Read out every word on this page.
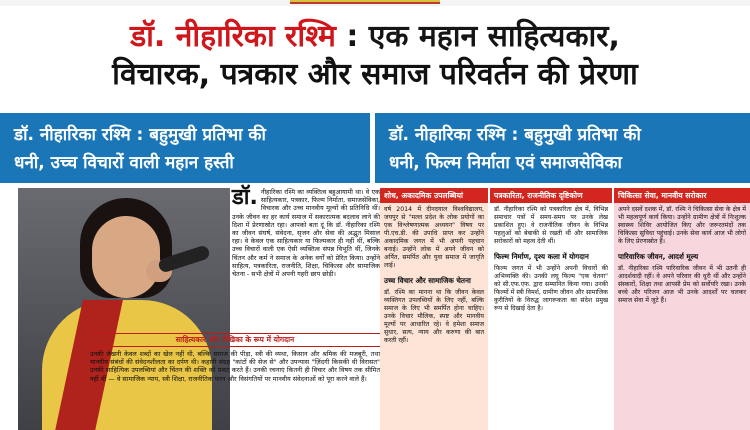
डॉ. नीहारिका रश्मि : एक महान साहित्यकार,
विचारक, पत्रकार और समाज परिवर्तन की प्रेरणा
डॉ. नीहारिका रश्मि : बहुमुखी प्रतिभा की
धनी, उच्च विचारों वाली महान हस्ती
डॉ. नीहारिका रश्मि : बहुमुखी प्रतिभा की
धनी, फिल्म निर्माता एवं समाजसेविका
डॉ. नीहारिका रश्मि का व्यक्तित्व बहुआयामी था। वे एक साहित्यकार, पत्रकार, फिल्म निर्माता, समाजसेविका, विचारक और उच्च मानवीय मूल्यों की प्रतिनिधि थीं। उनके जीवन का हर कार्य समाज में सकारात्मक बदलाव लाने की दिशा में प्रेरणास्रोत रहा। आपको बता दूं कि डॉ. नीहारिका रश्मि का जीवन संघर्ष, संवेदना, सृजन और सेवा की अद्भुत मिसाल रहा। वे केवल एक साहित्यकार या फिल्मकार ही नहीं थीं, बल्कि उच्च विचारों वाली एक ऐसी व्यक्तित्व संपन्न विभूति थीं, जिनके चिंतन और कर्म ने समाज के अनेक वर्गों को प्रेरित किया। उन्होंने साहित्य, पत्रकारिता, राजनीति, शिक्षा, चिकित्सा और सामाजिक चेतना - सभी क्षेत्रों में अपनी गहरी छाप छोड़ी।
साहित्यकार और लेखिका के रूप में योगदान
उनकी लेखनी केवल शब्दों का खेल नहीं थी, बल्कि समाज की पीड़ा, स्त्री की व्यथा, किसान और श्रमिक की मजबूरी, तथा मानवीय संबंधों की संवेदनशीलता का दर्पण थी। कहानी संग्रह "कांटों की सेज से" और उपन्यास "ज़िंदगी किसकी थी विरासत" उनकी साहित्यिक उपलब्धियां और चिंतन की शक्ति को प्रकट करते हैं। उनकी रचनाएं कितनी ही विचार और विषय तक सीमित नहीं थीं — वे सामाजिक न्याय, स्त्री शिक्षा, राजनीतिक पतन और विसंगतियों पर मानवीय संवेदनाओं को पूरा करने वाले हैं।
शोध, अकादमिक उपलब्धियां
वर्ष 2014 में दीनदयाल विश्वविद्यालय, जयपुर से "मल्ल प्रदेश के लोक प्रयोगों का एक विश्लेषणात्मक अध्ययन" विषय पर पी.एच.डी. की उपाधि प्राप्त कर उन्होंने अकादमिक जगत में भी अपनी पहचान बनाई। उन्होंने लोक में अपने जीवन को अर्पित, समर्पित और युवा समाज में जागृति लाई।
उच्च विचार और सामाजिक चेतना
डॉ. रश्मि का मानना था कि जीवन केवल व्यक्तिगत उपलब्धियों के लिए नहीं, बल्कि समाज के लिए भी समर्पित होना चाहिए। उनके विचार मौलिक, स्पष्ट और मानवीय मूल्यों पर आधारित रहे। वे हमेशा समाज सुधार, सत्य, न्याय और करुणा की बात करती रहीं।
पत्रकारिता, राजनीतिक दृष्टिकोण
डॉ. नीहारिका रश्मि को पत्रकारिता क्षेत्र में, विभिन्न समाचार पत्रों में समय-समय पर उनके लेख प्रकाशित हुए। वे राजनीतिक जीवन के विभिन्न पहलुओं को बेबाकी से रखती थीं और सामाजिक सरोकारों को महत्व देती थीं।
फिल्म निर्माण, दृश्य कला में योगदान
फिल्म जगत में भी उन्होंने अपनी विचारों की अभिव्यक्ति की। उनकी लघु फिल्म "एक चेतना" को सी.एफ.एफ. द्वारा सम्मानित किया गया। उनकी फिल्मों में स्त्री विमर्श, ग्रामीण जीवन और सामाजिक कुरीतियों के विरुद्ध जागरूकता का संदेश प्रमुख रूप से दिखाई देता है।
चिकित्सा सेवा, मानवीय सरोकार
अपने दसवें दशक में, डॉ. रश्मि ने चिकित्सा सेवा के क्षेत्र में भी महत्वपूर्ण कार्य किया। उन्होंने ग्रामीण क्षेत्रों में निःशुल्क स्वास्थ्य शिविर आयोजित किए और जरूरतमंदों तक चिकित्सा सुविधा पहुंचाई। उनके सेवा कार्य आज भी लोगों के लिए प्रेरणास्रोत हैं।
पारिवारिक जीवन, आदर्श मूल्य
डॉ. नीहारिका रश्मि पारिवारिक जीवन में भी उतनी ही आदर्शवादी रहीं। वे अपने परिवार की धुरी थीं और उन्होंने संस्कारों, शिक्षा तथा आपसी प्रेम को सर्वोपरि रखा। उनके बच्चे और परिजन आज भी उनके आदर्शों पर चलकर समाज सेवा में जुटे हैं।
